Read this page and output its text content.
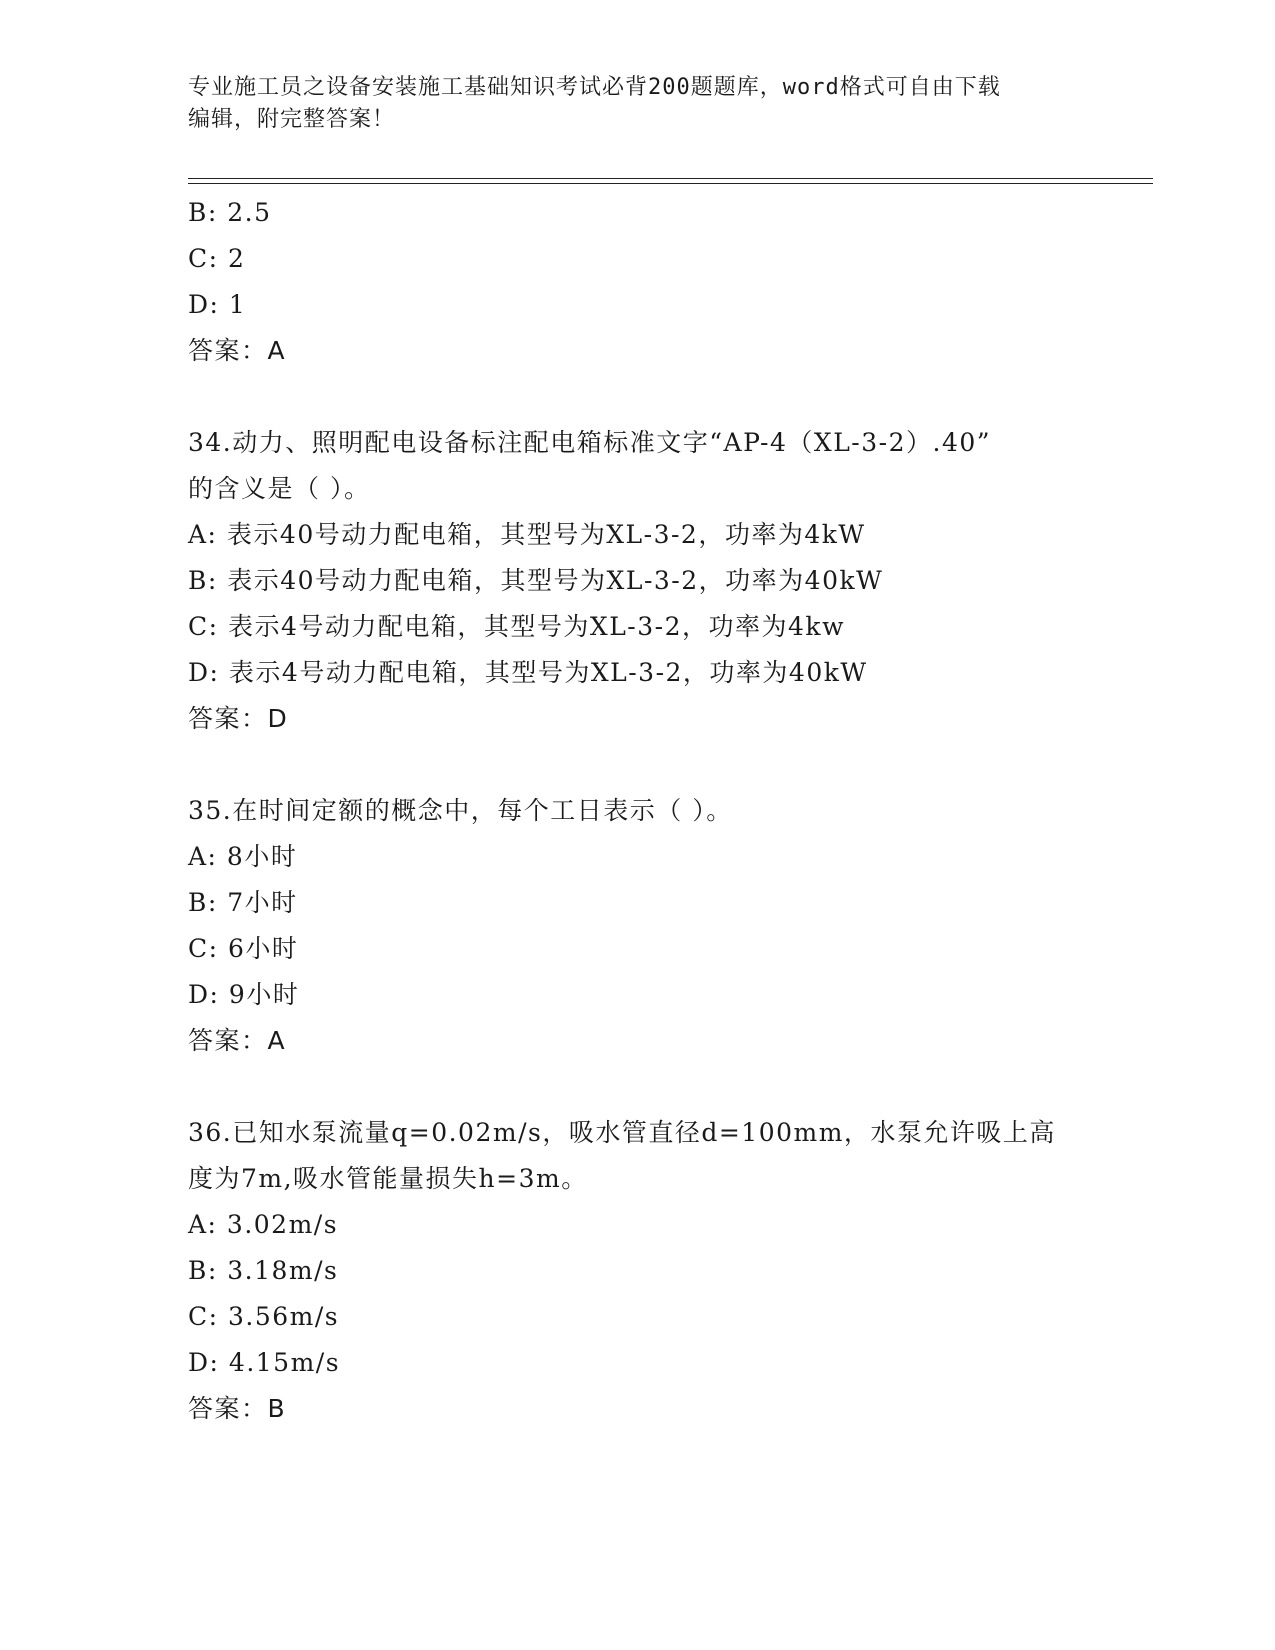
专业施工员之设备安装施工基础知识考试必背200题题库，word格式可自由下载
编辑，附完整答案！
B: 2.5
C: 2
D: 1
答案：A
34.动力、照明配电设备标注配电箱标准文字“AP-4（XL-3-2）.40”
的含义是（ ）。
A: 表示40号动力配电箱，其型号为XL-3-2，功率为4kW
B: 表示40号动力配电箱，其型号为XL-3-2，功率为40kW
C: 表示4号动力配电箱，其型号为XL-3-2，功率为4kw
D: 表示4号动力配电箱，其型号为XL-3-2，功率为40kW
答案：D
35.在时间定额的概念中，每个工日表示（ ）。
A: 8小时
B: 7小时
C: 6小时
D: 9小时
答案：A
36.已知水泵流量q=0.02m/s，吸水管直径d=100mm，水泵允许吸上高
度为7m,吸水管能量损失h=3m。
A: 3.02m/s
B: 3.18m/s
C: 3.56m/s
D: 4.15m/s
答案：B
